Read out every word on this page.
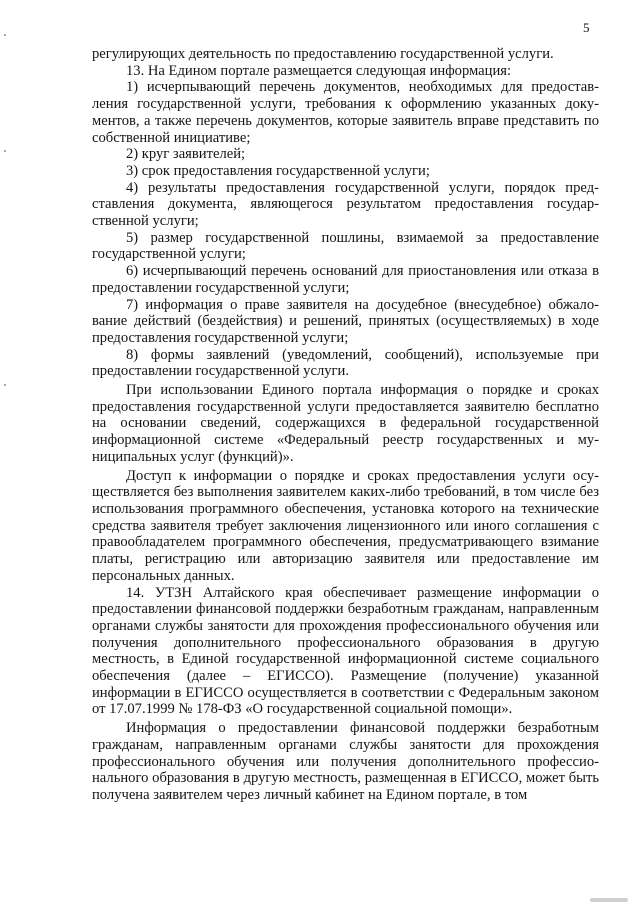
5

регулирующих деятельность по предоставлению государственной услуги.

13. На Едином портале размещается следующая информация:

1) исчерпывающий перечень документов, необходимых для предоставления государственной услуги, требования к оформлению указанных документов, а также перечень документов, которые заявитель вправе представить по собственной инициативе;

2) круг заявителей;

3) срок предоставления государственной услуги;

4) результаты предоставления государственной услуги, порядок представления документа, являющегося результатом предоставления государственной услуги;

5) размер государственной пошлины, взимаемой за предоставление государственной услуги;

6) исчерпывающий перечень оснований для приостановления или отказа в предоставлении государственной услуги;

7) информация о праве заявителя на досудебное (внесудебное) обжалование действий (бездействия) и решений, принятых (осуществляемых) в ходе предоставления государственной услуги;

8) формы заявлений (уведомлений, сообщений), используемые при предоставлении государственной услуги.

При использовании Единого портала информация о порядке и сроках предоставления государственной услуги предоставляется заявителю бесплатно на основании сведений, содержащихся в федеральной государственной информационной системе «Федеральный реестр государственных и муниципальных услуг (функций)».

Доступ к информации о порядке и сроках предоставления услуги осуществляется без выполнения заявителем каких-либо требований, в том числе без использования программного обеспечения, установка которого на технические средства заявителя требует заключения лицензионного или иного соглашения с правообладателем программного обеспечения, предусматривающего взимание платы, регистрацию или авторизацию заявителя или предоставление им персональных данных.

14. УТЗН Алтайского края обеспечивает размещение информации о предоставлении финансовой поддержки безработным гражданам, направленным органами службы занятости для прохождения профессионального обучения или получения дополнительного профессионального образования в другую местность, в Единой государственной информационной системе социального обеспечения (далее – ЕГИССО). Размещение (получение) указанной информации в ЕГИССО осуществляется в соответствии с Федеральным законом от 17.07.1999 № 178-ФЗ «О государственной социальной помощи».

Информация о предоставлении финансовой поддержки безработным гражданам, направленным органами службы занятости для прохождения профессионального обучения или получения дополнительного профессионального образования в другую местность, размещенная в ЕГИССО, может быть получена заявителем через личный кабинет на Едином портале, в том
